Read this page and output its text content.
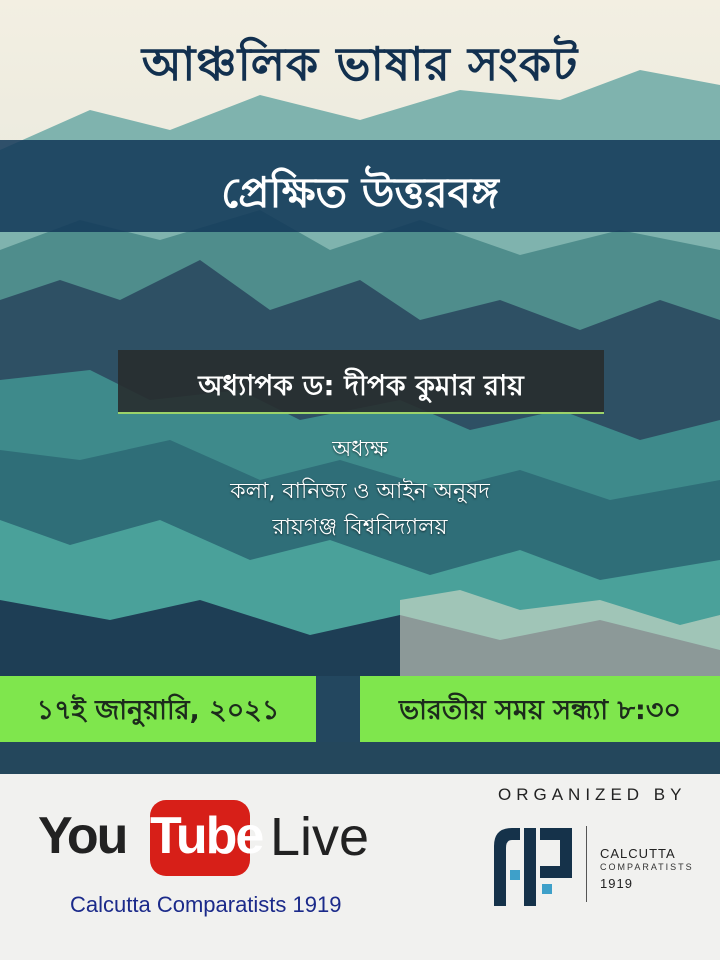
আঞ্চলিক ভাষার সংকট
প্রেক্ষিত উত্তরবঙ্গ
অধ্যাপক ড: দীপক কুমার রায়
অধ্যক্ষ
কলা, বানিজ্য ও আইন অনুষদ
রায়গঞ্জ বিশ্ববিদ্যালয়
১৭ই জানুয়ারি, ২০২১	ভারতীয় সময় সন্ধ্যা ৮:৩০
ORGANIZED BY
You Tube Live
Calcutta Comparatists 1919
CALCUTTA
COMPARATISTS
1919
